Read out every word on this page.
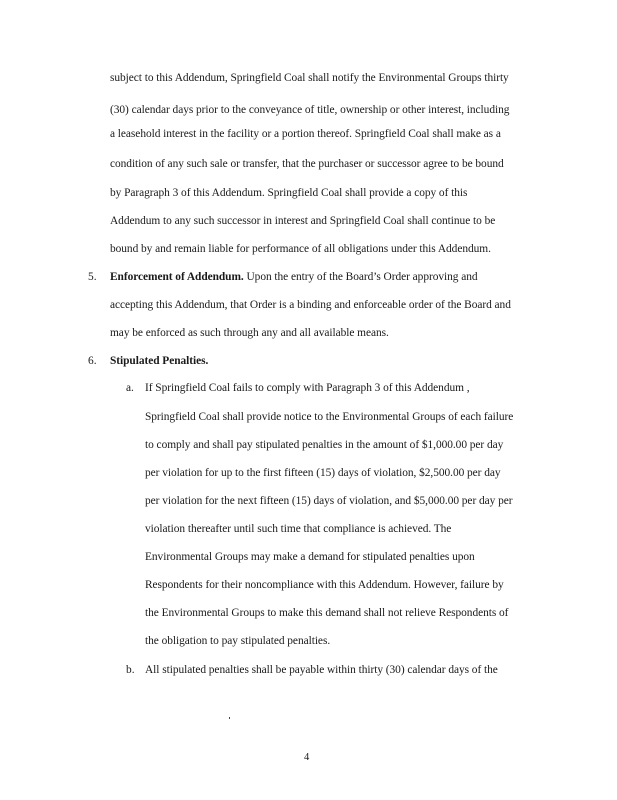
subject to this Addendum, Springfield Coal shall notify the Environmental Groups thirty
(30) calendar days prior to the conveyance of title, ownership or other interest, including
a leasehold interest in the facility or a portion thereof. Springfield Coal shall make as a
condition of any such sale or transfer, that the purchaser or successor agree to be bound
by Paragraph 3 of this Addendum. Springfield Coal shall provide a copy of this
Addendum to any such successor in interest and Springfield Coal shall continue to be
bound by and remain liable for performance of all obligations under this Addendum.
5. Enforcement of Addendum. Upon the entry of the Board’s Order approving and
accepting this Addendum, that Order is a binding and enforceable order of the Board and
may be enforced as such through any and all available means.
6. Stipulated Penalties.
a. If Springfield Coal fails to comply with Paragraph 3 of this Addendum ,
Springfield Coal shall provide notice to the Environmental Groups of each failure
to comply and shall pay stipulated penalties in the amount of $1,000.00 per day
per violation for up to the first fifteen (15) days of violation, $2,500.00 per day
per violation for the next fifteen (15) days of violation, and $5,000.00 per day per
violation thereafter until such time that compliance is achieved. The
Environmental Groups may make a demand for stipulated penalties upon
Respondents for their noncompliance with this Addendum. However, failure by
the Environmental Groups to make this demand shall not relieve Respondents of
the obligation to pay stipulated penalties.
b. All stipulated penalties shall be payable within thirty (30) calendar days of the
4
